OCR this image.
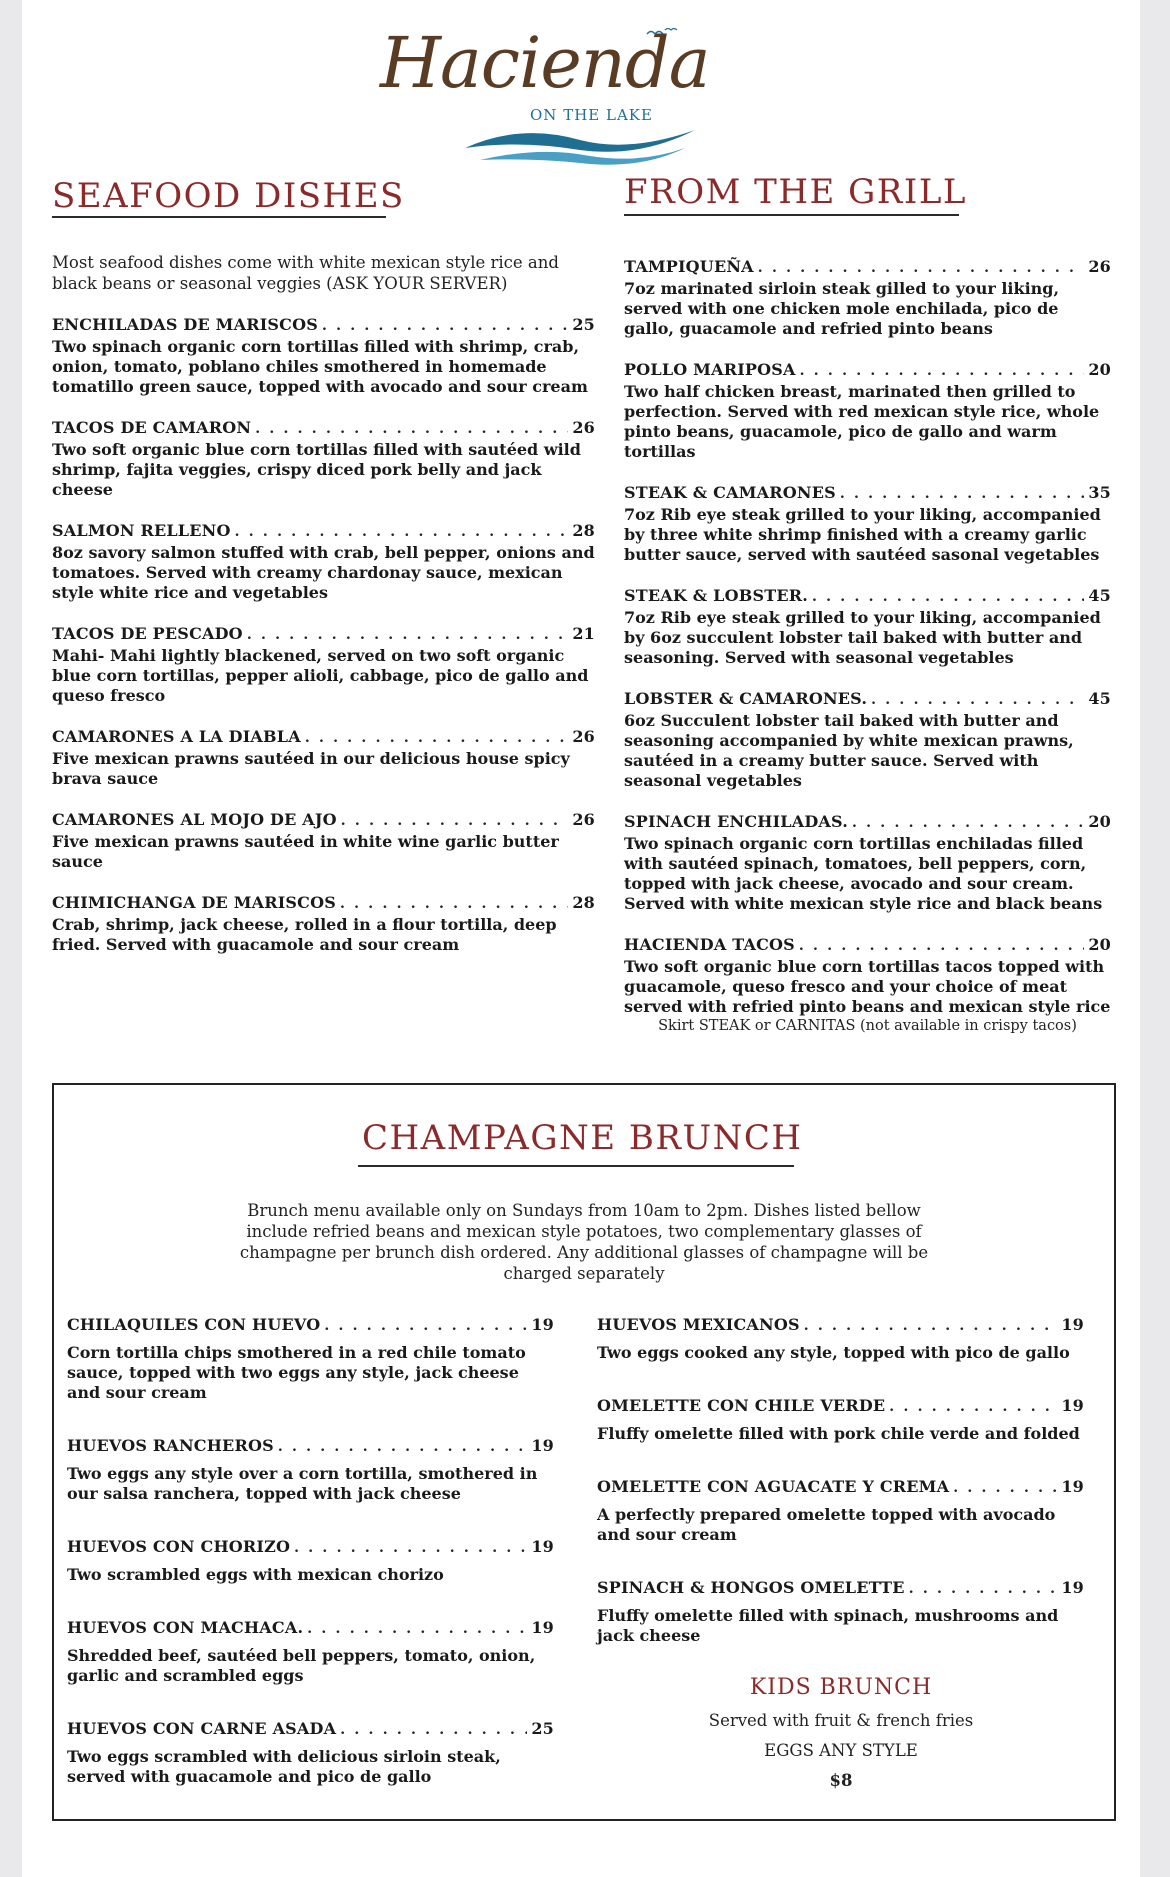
Hacienda
ON THE LAKE
SEAFOOD DISHES
Most seafood dishes come with white mexican style rice and black beans or seasonal veggies (ASK YOUR SERVER)
ENCHILADAS DE MARISCOS . . .	25
Two spinach organic corn tortillas filled with shrimp, crab, onion, tomato, poblano chiles smothered in homemade tomatillo green sauce, topped with avocado and sour cream
TACOS DE CAMARON . . .	26
Two soft organic blue corn tortillas filled with sautéed wild shrimp, fajita veggies, crispy diced pork belly and jack cheese
SALMON RELLENO . . .	28
8oz savory salmon stuffed with crab, bell pepper, onions and tomatoes. Served with creamy chardonay sauce, mexican style white rice and vegetables
TACOS DE PESCADO . . .	21
Mahi- Mahi lightly blackened, served on two soft organic blue corn tortillas, pepper alioli, cabbage, pico de gallo and queso fresco
CAMARONES A LA DIABLA . . .	26
Five mexican prawns sautéed in our delicious house spicy brava sauce
CAMARONES AL MOJO DE AJO . . .	26
Five mexican prawns sautéed in white wine garlic butter sauce
CHIMICHANGA DE MARISCOS . . .	28
Crab, shrimp, jack cheese, rolled in a flour tortilla, deep fried. Served with guacamole and sour cream
FROM THE GRILL
TAMPIQUEÑA . . .	26
7oz marinated sirloin steak gilled to your liking, served with one chicken mole enchilada, pico de gallo, guacamole and refried pinto beans
POLLO MARIPOSA . . .	20
Two half chicken breast, marinated then grilled to perfection. Served with red mexican style rice, whole pinto beans, guacamole, pico de gallo and warm tortillas
STEAK & CAMARONES . . .	35
7oz Rib eye steak grilled to your liking, accompanied by three white shrimp finished with a creamy garlic butter sauce, served with sautéed sasonal vegetables
STEAK & LOBSTER. . . .	45
7oz Rib eye steak grilled to your liking, accompanied by 6oz succulent lobster tail baked with butter and seasoning. Served with seasonal vegetables
LOBSTER & CAMARONES. . . .	45
6oz Succulent lobster tail baked with butter and seasoning accompanied by white mexican prawns, sautéed in a creamy butter sauce. Served with seasonal vegetables
SPINACH ENCHILADAS. . . .	20
Two spinach organic corn tortillas enchiladas filled with sautéed spinach, tomatoes, bell peppers, corn, topped with jack cheese, avocado and sour cream. Served with white mexican style rice and black beans
HACIENDA TACOS . . .	20
Two soft organic blue corn tortillas tacos topped with guacamole, queso fresco and your choice of meat served with refried pinto beans and mexican style rice
Skirt STEAK or CARNITAS (not available in crispy tacos)
CHAMPAGNE BRUNCH
Brunch menu available only on Sundays from 10am to 2pm. Dishes listed bellow include refried beans and mexican style potatoes, two complementary glasses of champagne per brunch dish ordered. Any additional glasses of champagne will be charged separately
CHILAQUILES CON HUEVO . . .	19
Corn tortilla chips smothered in a red chile tomato sauce, topped with two eggs any style, jack cheese and sour cream
HUEVOS RANCHEROS . . .	19
Two eggs any style over a corn tortilla, smothered in our salsa ranchera, topped with jack cheese
HUEVOS CON CHORIZO . . .	19
Two scrambled eggs with mexican chorizo
HUEVOS CON MACHACA. . . .	19
Shredded beef, sautéed bell peppers, tomato, onion, garlic and scrambled eggs
HUEVOS CON CARNE ASADA . . .	25
Two eggs scrambled with delicious sirloin steak, served with guacamole and pico de gallo
HUEVOS MEXICANOS . . .	19
Two eggs cooked any style, topped with pico de gallo
OMELETTE CON CHILE VERDE . . .	19
Fluffy omelette filled with pork chile verde and folded
OMELETTE CON AGUACATE Y CREMA . . .	19
A perfectly prepared omelette topped with avocado and sour cream
SPINACH & HONGOS OMELETTE . . .	19
Fluffy omelette filled with spinach, mushrooms and jack cheese
KIDS BRUNCH
Served with fruit & french fries
EGGS ANY STYLE
$8
